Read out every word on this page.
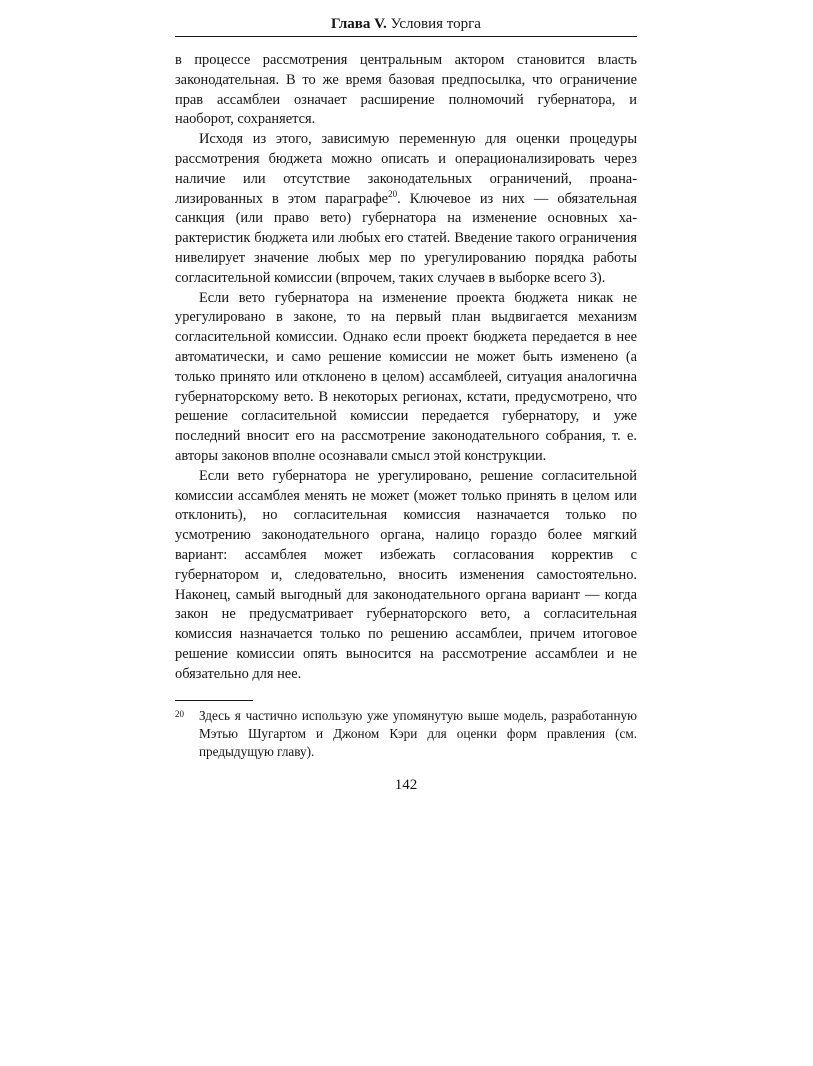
Глава V. Условия торга

в процессе рассмотрения центральным актором становится власть законодательная. В то же время базовая предпосылка, что ограничение прав ассамблеи означает расширение полномочий губернатора, и наоборот, сохраняется.

Исходя из этого, зависимую переменную для оценки процедуры рассмотрения бюджета можно описать и операционализировать через наличие или отсутствие законодательных ограничений, проанализированных в этом параграфе$^{20}$. Ключевое из них — обязательная санкция (или право вето) губернатора на изменение основных характеристик бюджета или любых его статей. Введение такого ограничения нивелирует значение любых мер по урегулированию порядка работы согласительной комиссии (впрочем, таких случаев в выборке всего 3).

Если вето губернатора на изменение проекта бюджета никак не урегулировано в законе, то на первый план выдвигается механизм согласительной комиссии. Однако если проект бюджета передается в нее автоматически, и само решение комиссии не может быть изменено (а только принято или отклонено в целом) ассамблеей, ситуация аналогична губернаторскому вето. В некоторых регионах, кстати, предусмотрено, что решение согласительной комиссии передается губернатору, и уже последний вносит его на рассмотрение законодательного собрания, т. е. авторы законов вполне осознавали смысл этой конструкции.

Если вето губернатора не урегулировано, решение согласительной комиссии ассамблея менять не может (может только принять в целом или отклонить), но согласительная комиссия назначается только по усмотрению законодательного органа, налицо гораздо более мягкий вариант: ассамблея может избежать согласования корректив с губернатором и, следовательно, вносить изменения самостоятельно. Наконец, самый выгодный для законодательного органа вариант — когда закон не предусматривает губернаторского вето, а согласительная комиссия назначается только по решению ассамблеи, причем итоговое решение комиссии опять выносится на рассмотрение ассамблеи и не обязательно для нее.

20	Здесь я частично использую уже упомянутую выше модель, разработанную Мэтью Шугартом и Джоном Кэри для оценки форм правления (см. предыдущую главу).
142
